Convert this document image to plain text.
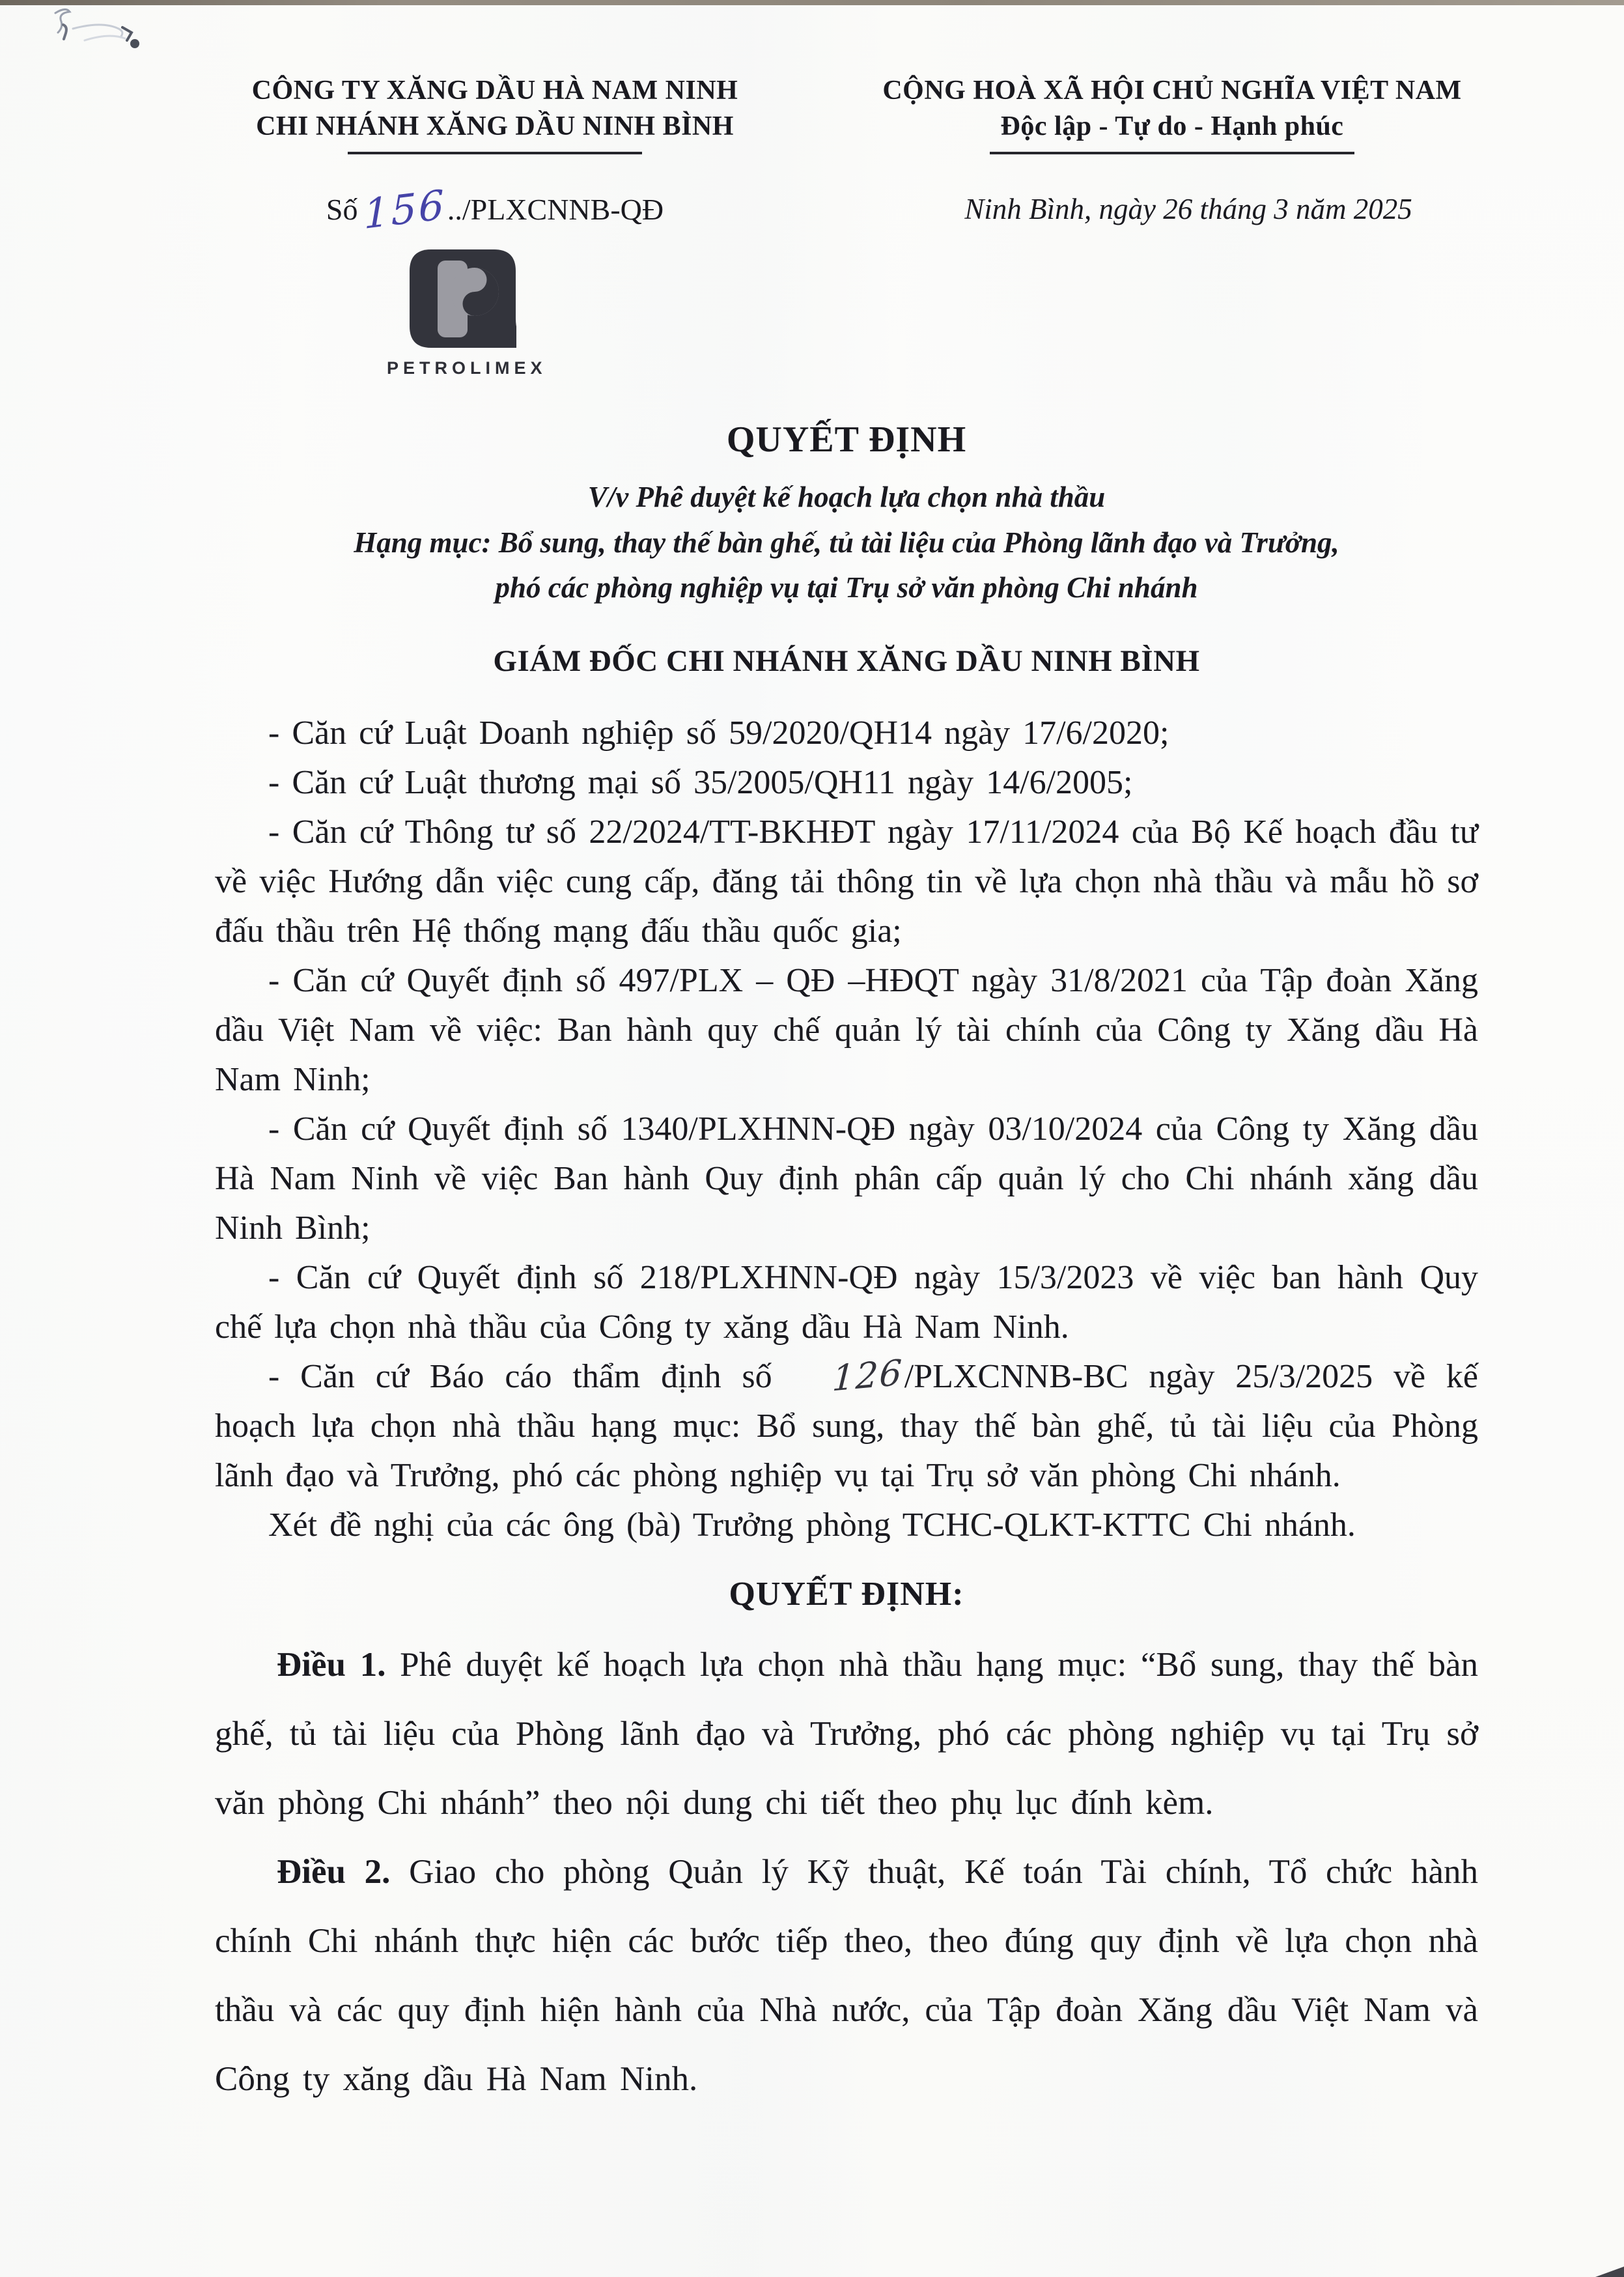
CÔNG TY XĂNG DẦU HÀ NAM NINH
CHI NHÁNH XĂNG DẦU NINH BÌNH
CỘNG HOÀ XÃ HỘI CHỦ NGHĨA VIỆT NAM
Độc lập - Tự do - Hạnh phúc
Số 156../PLXCNNB-QĐ	Ninh Bình, ngày 26 tháng 3 năm 2025
PETROLIMEX
QUYẾT ĐỊNH
V/v Phê duyệt kế hoạch lựa chọn nhà thầu
Hạng mục: Bổ sung, thay thế bàn ghế, tủ tài liệu của Phòng lãnh đạo và Trưởng,
phó các phòng nghiệp vụ tại Trụ sở văn phòng Chi nhánh
GIÁM ĐỐC CHI NHÁNH XĂNG DẦU NINH BÌNH

- Căn cứ Luật Doanh nghiệp số 59/2020/QH14 ngày 17/6/2020;

- Căn cứ Luật thương mại số 35/2005/QH11 ngày 14/6/2005;

- Căn cứ Thông tư số 22/2024/TT-BKHĐT ngày 17/11/2024 của Bộ Kế hoạch đầu tư về việc Hướng dẫn việc cung cấp, đăng tải thông tin về lựa chọn nhà thầu và mẫu hồ sơ đấu thầu trên Hệ thống mạng đấu thầu quốc gia;

- Căn cứ Quyết định số 497/PLX – QĐ –HĐQT ngày 31/8/2021 của Tập đoàn Xăng dầu Việt Nam về việc: Ban hành quy chế quản lý tài chính của Công ty Xăng dầu Hà Nam Ninh;

- Căn cứ Quyết định số 1340/PLXHNN-QĐ ngày 03/10/2024 của Công ty Xăng dầu Hà Nam Ninh về việc Ban hành Quy định phân cấp quản lý cho Chi nhánh xăng dầu Ninh Bình;

- Căn cứ Quyết định số 218/PLXHNN-QĐ ngày 15/3/2023 về việc ban hành Quy chế lựa chọn nhà thầu của Công ty xăng dầu Hà Nam Ninh.

- Căn cứ Báo cáo thẩm định số 126/PLXCNNB-BC ngày 25/3/2025 về kế hoạch lựa chọn nhà thầu hạng mục: Bổ sung, thay thế bàn ghế, tủ tài liệu của Phòng lãnh đạo và Trưởng, phó các phòng nghiệp vụ tại Trụ sở văn phòng Chi nhánh.

Xét đề nghị của các ông (bà) Trưởng phòng TCHC-QLKT-KTTC Chi nhánh.

QUYẾT ĐỊNH:

Điều 1. Phê duyệt kế hoạch lựa chọn nhà thầu hạng mục: “Bổ sung, thay thế bàn ghế, tủ tài liệu của Phòng lãnh đạo và Trưởng, phó các phòng nghiệp vụ tại Trụ sở văn phòng Chi nhánh” theo nội dung chi tiết theo phụ lục đính kèm.

Điều 2. Giao cho phòng Quản lý Kỹ thuật, Kế toán Tài chính, Tổ chức hành chính Chi nhánh thực hiện các bước tiếp theo, theo đúng quy định về lựa chọn nhà thầu và các quy định hiện hành của Nhà nước, của Tập đoàn Xăng dầu Việt Nam và Công ty xăng dầu Hà Nam Ninh.
